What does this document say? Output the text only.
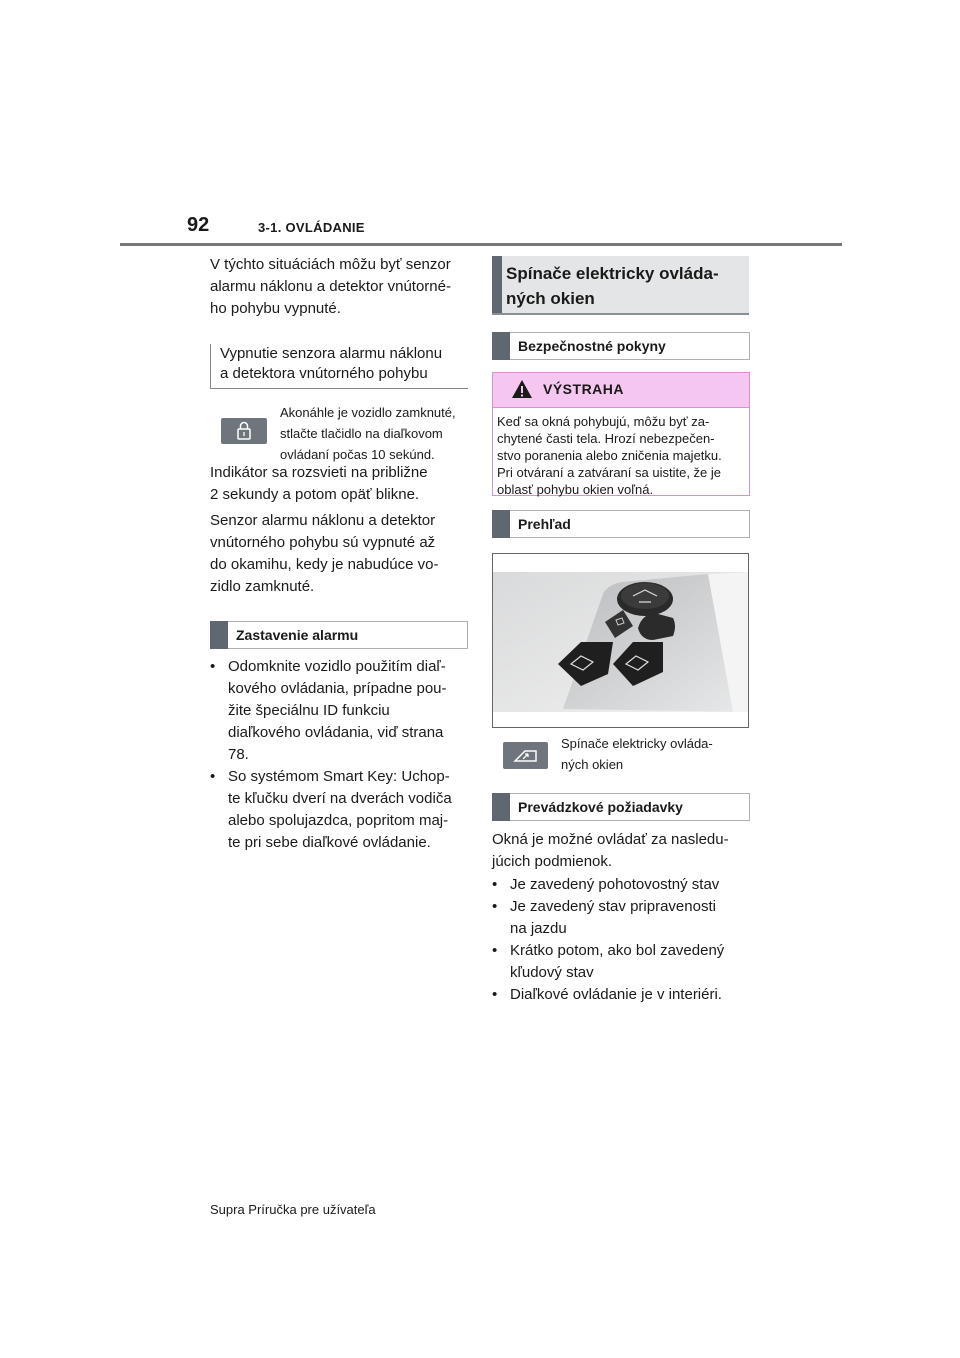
92	3-1. OVLÁDANIE
V týchto situáciách môžu byť senzor
alarmu náklonu a detektor vnútorné-
ho pohybu vypnuté.
Vypnutie senzora alarmu náklonu
a detektora vnútorného pohybu
Akonáhle je vozidlo zamknuté,
stlačte tlačidlo na diaľkovom
ovládaní počas 10 sekúnd.
Indikátor sa rozsvieti na približne
2 sekundy a potom opäť blikne.
Senzor alarmu náklonu a detektor
vnútorného pohybu sú vypnuté až
do okamihu, kedy je nabudúce vo-
zidlo zamknuté.
Zastavenie alarmu
• Odomknite vozidlo použitím diaľ-
kového ovládania, prípadne pou-
žite špeciálnu ID funkciu
diaľkového ovládania, viď strana
78.
• So systémom Smart Key: Uchop-
te kľučku dverí na dverách vodiča
alebo spolujazdca, popritom maj-
te pri sebe diaľkové ovládanie.
Spínače elektricky ovláda-
ných okien
Bezpečnostné pokyny
VÝSTRAHA
Keď sa okná pohybujú, môžu byť za-
chytené časti tela. Hrozí nebezpečen-
stvo poranenia alebo zničenia majetku.
Pri otváraní a zatváraní sa uistite, že je
oblasť pohybu okien voľná.
Prehľad
Spínače elektricky ovláda-
ných okien
Prevádzkové požiadavky
Okná je možné ovládať za nasledu-
júcich podmienok.
• Je zavedený pohotovostný stav
• Je zavedený stav pripravenosti
na jazdu
• Krátko potom, ako bol zavedený
kľudový stav
• Diaľkové ovládanie je v interiéri.
Supra Príručka pre užívateľa
